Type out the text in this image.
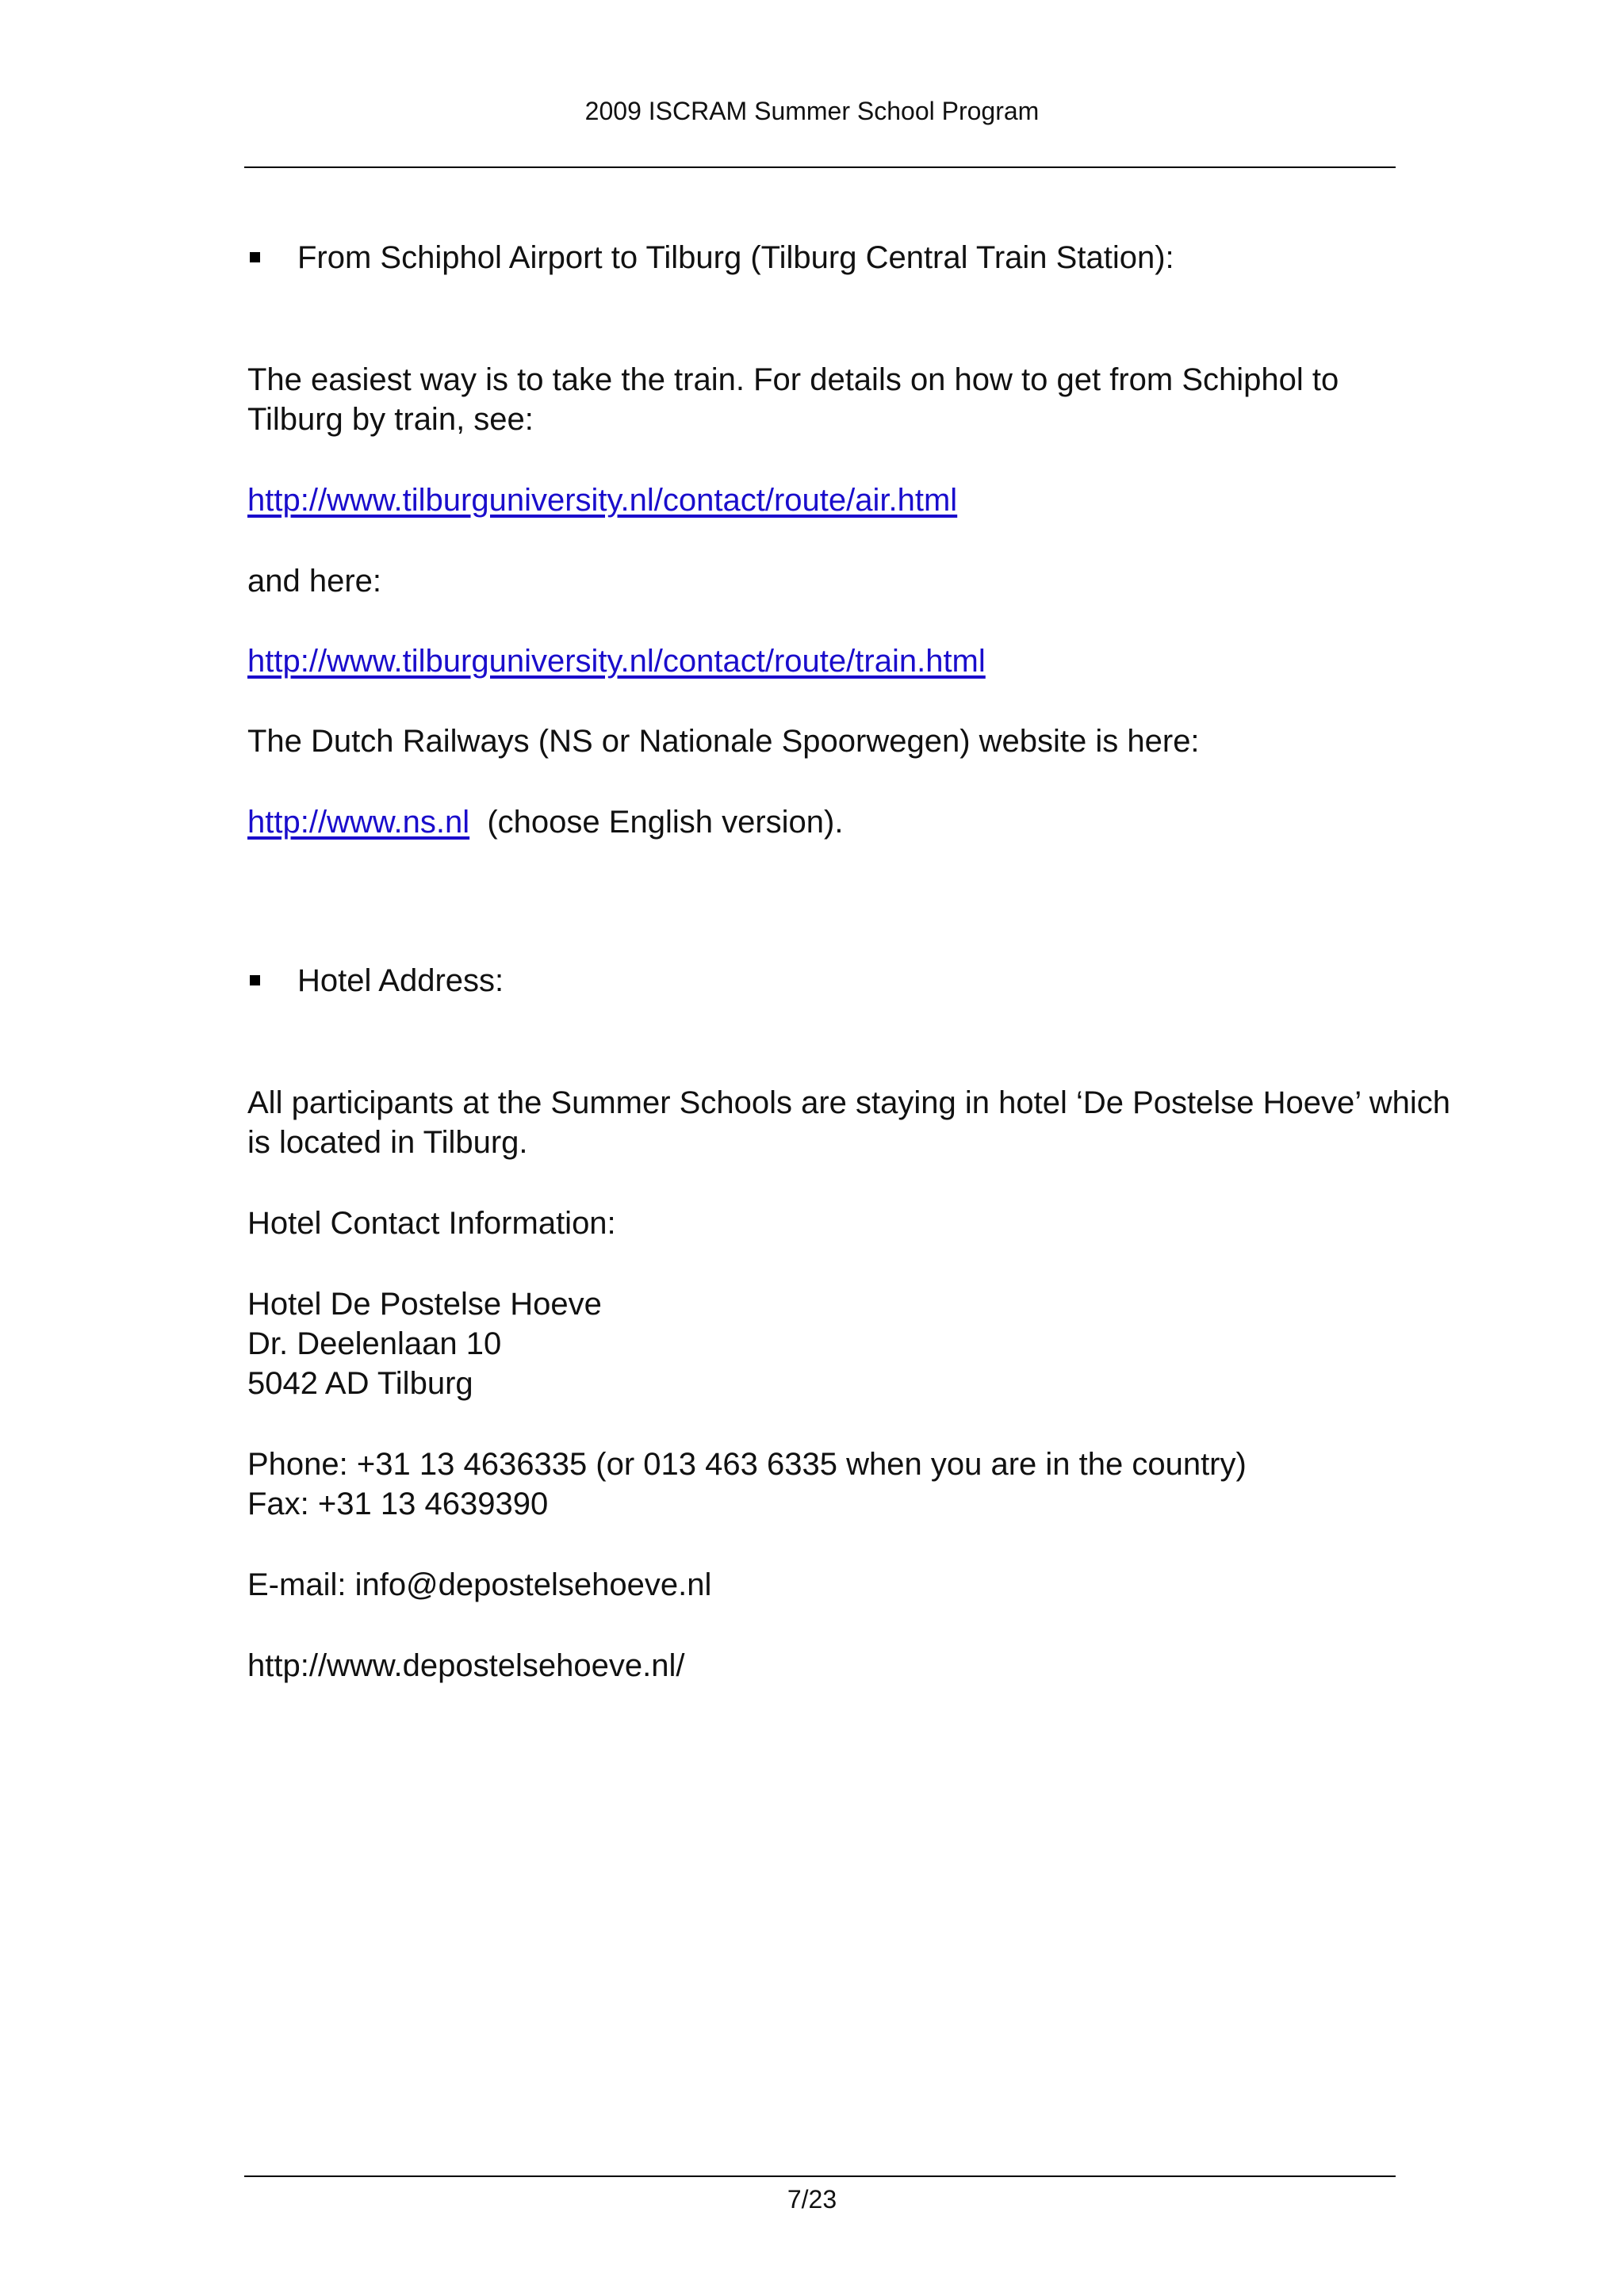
2009 ISCRAM Summer School Program
From Schiphol Airport to Tilburg (Tilburg Central Train Station):
The easiest way is to take the train. For details on how to get from Schiphol to
Tilburg by train, see:
http://www.tilburguniversity.nl/contact/route/air.html
and here:
http://www.tilburguniversity.nl/contact/route/train.html
The Dutch Railways (NS or Nationale Spoorwegen) website is here:
http://www.ns.nl (choose English version).
Hotel Address:
All participants at the Summer Schools are staying in hotel ‘De Postelse Hoeve’ which
is located in Tilburg.
Hotel Contact Information:
Hotel De Postelse Hoeve
Dr. Deelenlaan 10
5042 AD Tilburg
Phone: +31 13 4636335 (or 013 463 6335 when you are in the country)
Fax: +31 13 4639390
E-mail: info@depostelsehoeve.nl
http://www.depostelsehoeve.nl/
7/23
